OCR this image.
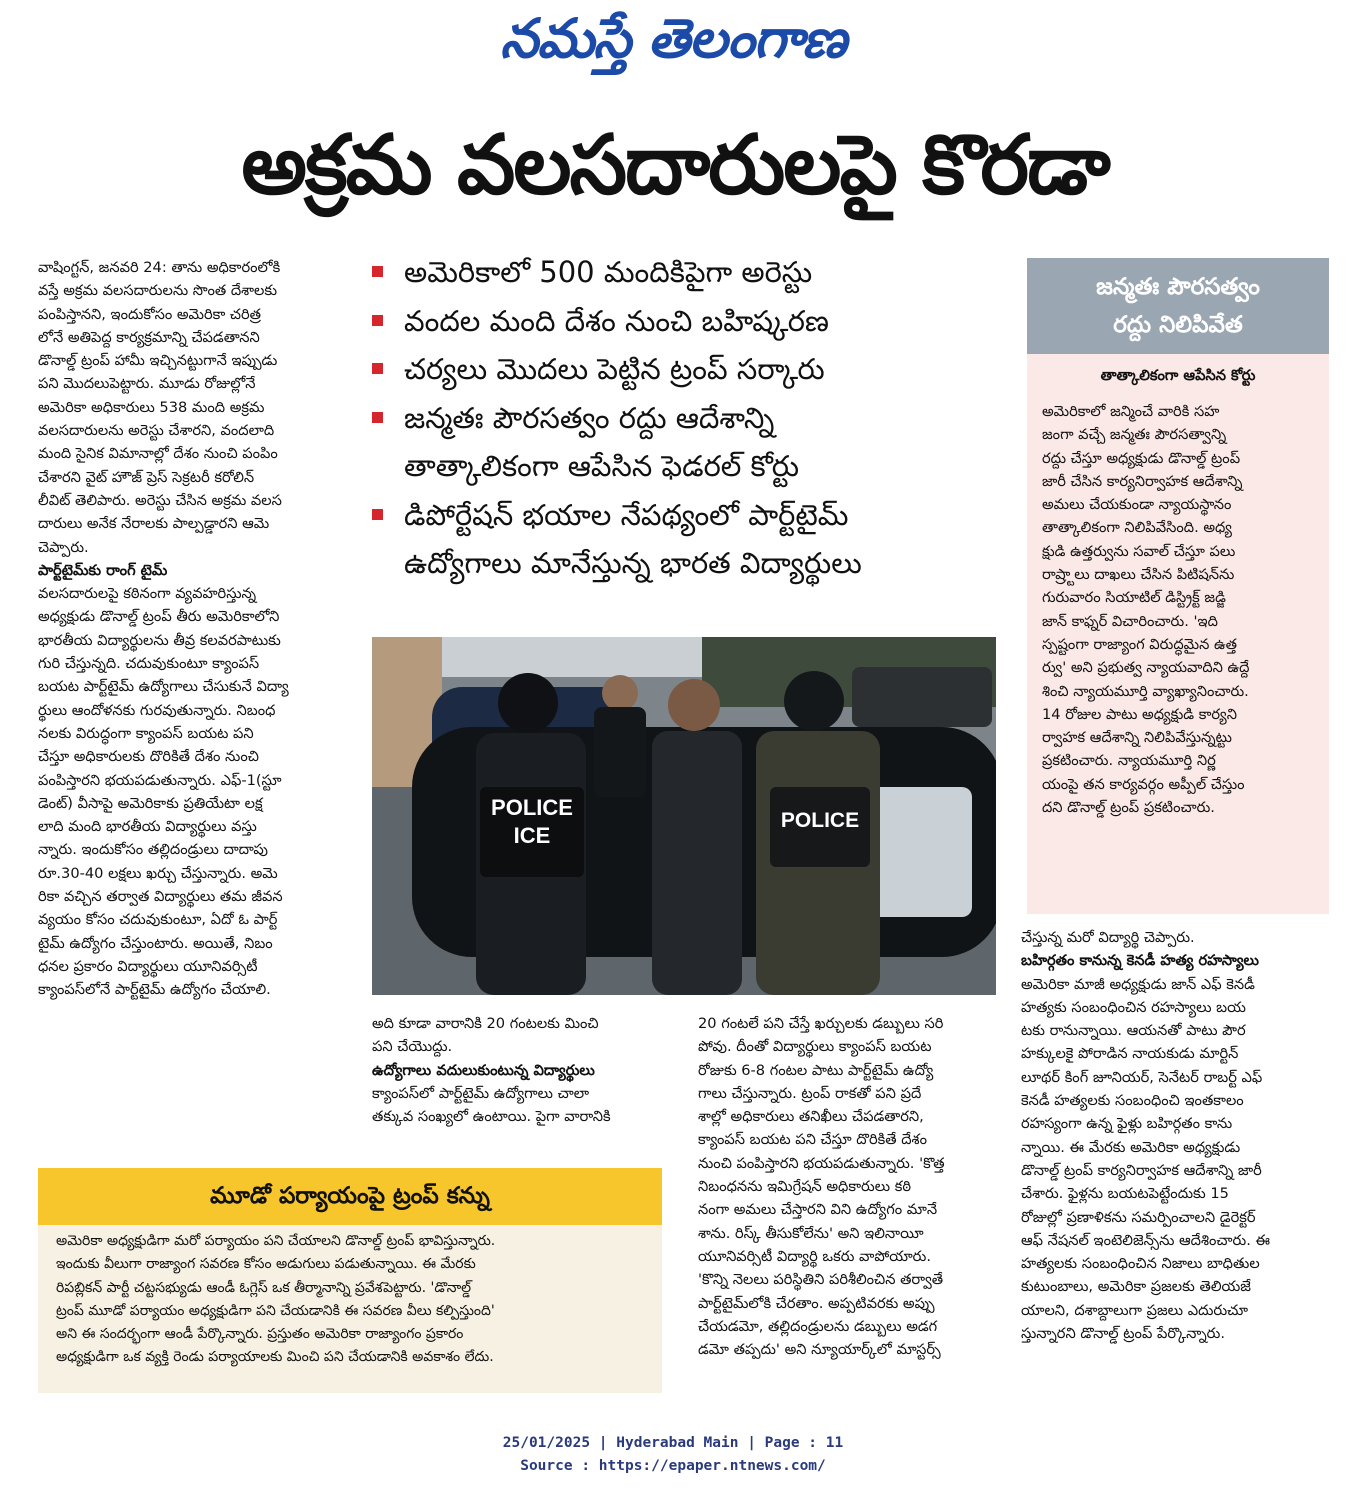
నమస్తే తెలంగాణ
అక్రమ వలసదారులపై కొరడా
అమెరికాలో 500 మందికిపైగా అరెస్టు
వందల మంది దేశం నుంచి బహిష్కరణ
చర్యలు మొదలు పెట్టిన ట్రంప్ సర్కారు
జన్మతః పౌరసత్వం రద్దు ఆదేశాన్ని
తాత్కాలికంగా ఆపేసిన ఫెడరల్ కోర్టు
డిపోర్టేషన్ భయాల నేపథ్యంలో పార్ట్‌టైమ్
ఉద్యోగాలు మానేస్తున్న భారత విద్యార్థులు

వాషింగ్టన్, జనవరి 24: తాను అధికారంలోకి

వస్తే అక్రమ వలసదారులను సొంత దేశాలకు

పంపిస్తానని, ఇందుకోసం అమెరికా చరిత్ర

లోనే అతిపెద్ద కార్యక్రమాన్ని చేపడతానని

డొనాల్డ్ ట్రంప్ హామీ ఇచ్చినట్టుగానే ఇప్పుడు

పని మొదలుపెట్టారు. మూడు రోజుల్లోనే

అమెరికా అధికారులు 538 మంది అక్రమ

వలసదారులను అరెస్టు చేశారని, వందలాది

మంది సైనిక విమానాల్లో దేశం నుంచి పంపిం

చేశారని వైట్ హౌజ్ ప్రెస్ సెక్రటరీ కరోలిన్

లీవిట్ తెలిపారు. అరెస్టు చేసిన అక్రమ వలస

దారులు అనేక నేరాలకు పాల్పడ్డారని ఆమె

చెప్పారు.

పార్ట్‌టైమ్‌కు రాంగ్ టైమ్

వలసదారులపై కఠినంగా వ్యవహరిస్తున్న

అధ్యక్షుడు డొనాల్డ్ ట్రంప్ తీరు అమెరికాలోని

భారతీయ విద్యార్థులను తీవ్ర కలవరపాటుకు

గురి చేస్తున్నది. చదువుకుంటూ క్యాంపస్

బయట పార్ట్‌టైమ్ ఉద్యోగాలు చేసుకునే విద్యా

ర్థులు ఆందోళనకు గురవుతున్నారు. నిబంధ

నలకు విరుద్ధంగా క్యాంపస్ బయట పని

చేస్తూ అధికారులకు దొరికితే దేశం నుంచి

పంపిస్తారని భయపడుతున్నారు. ఎఫ్-1(స్టూ

డెంట్) వీసాపై అమెరికాకు ప్రతియేటా లక్ష

లాది మంది భారతీయ విద్యార్థులు వస్తు

న్నారు. ఇందుకోసం తల్లిదండ్రులు దాదాపు

రూ.30-40 లక్షలు ఖర్చు చేస్తున్నారు. అమె

రికా వచ్చిన తర్వాత విద్యార్థులు తమ జీవన

వ్యయం కోసం చదువుకుంటూ, ఏదో ఓ పార్ట్

టైమ్ ఉద్యోగం చేస్తుంటారు. అయితే, నిబం

ధనల ప్రకారం విద్యార్థులు యూనివర్సిటీ

క్యాంపస్‌లోనే పార్ట్‌టైమ్ ఉద్యోగం చేయాలి.

POLICE
ICE
POLICE

అది కూడా వారానికి 20 గంటలకు మించి

పని చేయొద్దు.

ఉద్యోగాలు వదులుకుంటున్న విద్యార్థులు

క్యాంపస్‌లో పార్ట్‌టైమ్ ఉద్యోగాలు చాలా

తక్కువ సంఖ్యలో ఉంటాయి. పైగా వారానికి

20 గంటలే పని చేస్తే ఖర్చులకు డబ్బులు సరి

పోవు. దీంతో విద్యార్థులు క్యాంపస్ బయట

రోజుకు 6-8 గంటల పాటు పార్ట్‌టైమ్ ఉద్యో

గాలు చేస్తున్నారు. ట్రంప్ రాకతో పని ప్రదే

శాల్లో అధికారులు తనిఖీలు చేపడతారని,

క్యాంపస్ బయట పని చేస్తూ దొరికితే దేశం

నుంచి పంపిస్తారని భయపడుతున్నారు. 'కొత్త

నిబంధనను ఇమిగ్రేషన్ అధికారులు కఠి

నంగా అమలు చేస్తారని విని ఉద్యోగం మానే

శాను. రిస్క్ తీసుకోలేను' అని ఇలినాయీ

యూనివర్సిటీ విద్యార్థి ఒకరు వాపోయారు.

'కొన్ని నెలలు పరిస్థితిని పరిశీలించిన తర్వాతే

పార్ట్‌టైమ్‌లోకి చేరతాం. అప్పటివరకు అప్పు

చేయడమో, తల్లిదండ్రులను డబ్బులు అడగ

డమో తప్పదు' అని న్యూయార్క్‌లో మాస్టర్స్

జన్మతః పౌరసత్వం
రద్దు నిలిపివేత
తాత్కాలికంగా ఆపేసిన కోర్టు

అమెరికాలో జన్మించే వారికి సహ

జంగా వచ్చే జన్మతః పౌరసత్వాన్ని

రద్దు చేస్తూ అధ్యక్షుడు డొనాల్డ్ ట్రంప్

జారీ చేసిన కార్యనిర్వాహక ఆదేశాన్ని

అమలు చేయకుండా న్యాయస్థానం

తాత్కాలికంగా నిలిపివేసింది. అధ్య

క్షుడి ఉత్తర్వును సవాల్ చేస్తూ పలు

రాష్ర్టాలు దాఖలు చేసిన పిటిషన్‌ను

గురువారం సియాటిల్ డిస్ట్రిక్ట్ జడ్జి

జాన్ కాఫ్నర్ విచారించారు. 'ఇది

స్పష్టంగా రాజ్యాంగ విరుద్ధమైన ఉత్త

ర్వు' అని ప్రభుత్వ న్యాయవాదిని ఉద్దే

శించి న్యాయమూర్తి వ్యాఖ్యానించారు.

14 రోజుల పాటు అధ్యక్షుడి కార్యని

ర్వాహక ఆదేశాన్ని నిలిపివేస్తున్నట్టు

ప్రకటించారు. న్యాయమూర్తి నిర్ణ

యంపై తన కార్యవర్గం అప్పీల్ చేస్తుం

దని డొనాల్డ్ ట్రంప్ ప్రకటించారు.

చేస్తున్న మరో విద్యార్థి చెప్పారు.

బహిర్గతం కానున్న కెనడీ హత్య రహస్యాలు

అమెరికా మాజీ అధ్యక్షుడు జాన్ ఎఫ్ కెనడీ

హత్యకు సంబంధించిన రహస్యాలు బయ

టకు రానున్నాయి. ఆయనతో పాటు పౌర

హక్కులకై పోరాడిన నాయకుడు మార్టిన్

లూథర్ కింగ్ జూనియర్, సెనేటర్ రాబర్ట్ ఎఫ్

కెనడీ హత్యలకు సంబంధించి ఇంతకాలం

రహస్యంగా ఉన్న ఫైళ్లు బహిర్గతం కాను

న్నాయి. ఈ మేరకు అమెరికా అధ్యక్షుడు

డొనాల్డ్ ట్రంప్ కార్యనిర్వాహక ఆదేశాన్ని జారీ

చేశారు. ఫైళ్లను బయటపెట్టేందుకు 15

రోజుల్లో ప్రణాళికను సమర్పించాలని డైరెక్టర్

ఆఫ్ నేషనల్ ఇంటెలిజెన్స్‌ను ఆదేశించారు. ఈ

హత్యలకు సంబంధించిన నిజాలు బాధితుల

కుటుంబాలు, అమెరికా ప్రజలకు తెలియజే

యాలని, దశాబ్దాలుగా ప్రజలు ఎదురుచూ

స్తున్నారని డొనాల్డ్ ట్రంప్ పేర్కొన్నారు.

మూడో పర్యాయంపై ట్రంప్ కన్ను

అమెరికా అధ్యక్షుడిగా మరో పర్యాయం పని చేయాలని డొనాల్డ్ ట్రంప్ భావిస్తున్నారు.

ఇందుకు వీలుగా రాజ్యాంగ సవరణ కోసం అడుగులు పడుతున్నాయి. ఈ మేరకు

రిపబ్లికన్ పార్టీ చట్టసభ్యుడు ఆండీ ఓగ్లెస్ ఒక తీర్మానాన్ని ప్రవేశపెట్టారు. 'డొనాల్డ్

ట్రంప్ మూడో పర్యాయం అధ్యక్షుడిగా పని చేయడానికి ఈ సవరణ వీలు కల్పిస్తుంది'

అని ఈ సందర్భంగా ఆండీ పేర్కొన్నారు. ప్రస్తుతం అమెరికా రాజ్యాంగం ప్రకారం

అధ్యక్షుడిగా ఒక వ్యక్తి రెండు పర్యాయాలకు మించి పని చేయడానికి అవకాశం లేదు.

25/01/2025 | Hyderabad Main | Page : 11
Source : https://epaper.ntnews.com/
